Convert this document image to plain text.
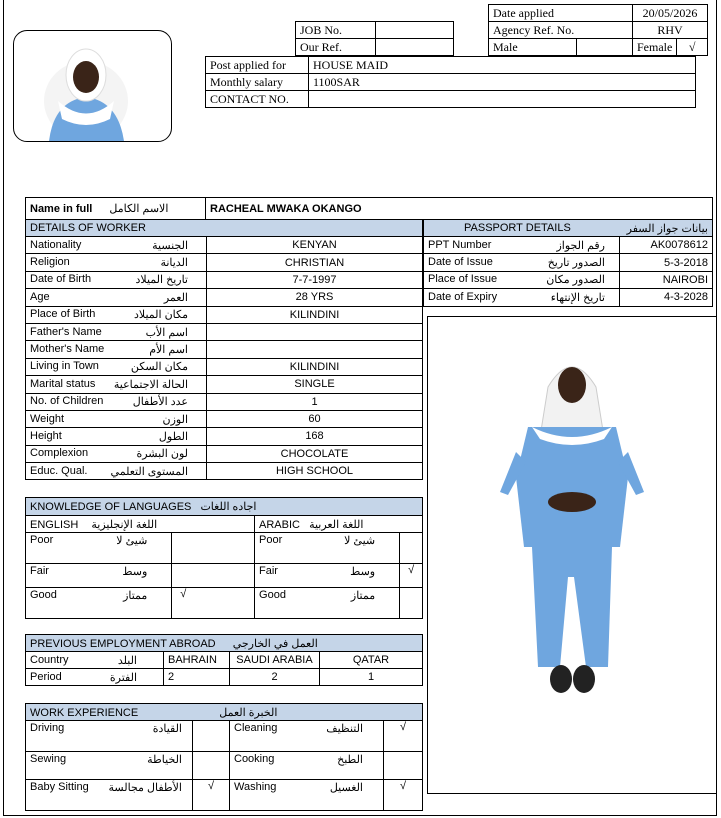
JOB No.	
Our Ref.	
Date applied		20/05/2026	
Agency Ref. No.		RHV	
Male		Female	√
Post applied for	HOUSE MAID
Monthly salary	1100SAR
CONTACT NO.	
Name in full الاسم الكامل	RACHEAL MWAKA OKANGO
DETAILS OF WORKER	
Nationality الجنسية	KENYAN
Religion الديانة	CHRISTIAN
Date of Birth تاريخ الميلاد	7-7-1997
Age العمر	28 YRS
Place of Birth مكان الميلاد	KILINDINI
Father's Name اسم الأب	

Mother's Name اسم الأم	

Living in Town مكان السكن	KILINDINI
Marital status الحالة الاجتماعية	SINGLE
No. of Children عدد الأطفال	1
Weight الوزن	60
Height الطول	168
Complexion لون البشرة	CHOCOLATE
Educ. Qual. المستوى التعلمي	HIGH SCHOOL
PASSPORT DETAILS بيانات جواز السفر	

PPT Number رقم الجواز	AK0078612
Date of Issue الصدور تاريخ	5-3-2018
Place of Issue الصدور مكان	NAIROBI
Date of Expiry تاريخ الإنتهاء	4-3-2028
KNOWLEDGE OF LANGUAGES اجاده اللغات			
ENGLISH اللغة الإنجليزية		ARABIC اللغة العربية	
Poor شيئ لا		Poor شيئ لا	

Fair وسط		Fair وسط	√
Good ممتاز	√	Good ممتاز	

PREVIOUS EMPLOYMENT ABROAD العمل في الخارجي			
Country البلد	BAHRAIN	SAUDI ARABIA	QATAR
Period الفترة	2	2	1
WORK EXPERIENCE الخبرة العمل			
Driving القيادة		Cleaning التنظيف	√
Sewing الخياطة		Cooking الطبخ	

Baby Sitting الأطفال مجالسة	√	Washing الغسيل	√
